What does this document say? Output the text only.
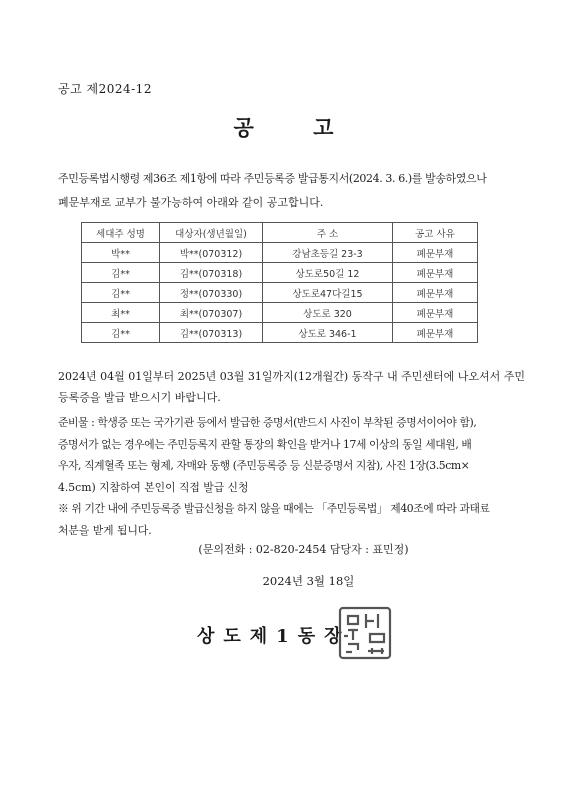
공고 제2024-12
공 고
주민등록법시행령 제36조 제1항에 따라 주민등록증 발급통지서(2024. 3. 6.)를 발송하였으나
폐문부재로 교부가 불가능하여 아래와 같이 공고합니다.
세대주 성명	대상자(생년월일)	주 소	공고 사유
박**	박**(070312)	강남초등길 23-3	폐문부재
김**	김**(070318)	상도로50길 12	폐문부재
김**	정**(070330)	상도로47다길15	폐문부재
최**	최**(070307)	상도로 320	폐문부재
김**	김**(070313)	상도로 346-1	폐문부재
2024년 04월 01일부터 2025년 03월 31일까지(12개월간) 동작구 내 주민센터에 나오셔서 주민
등록증을 발급 받으시기 바랍니다.
준비물 : 학생증 또는 국가기관 등에서 발급한 증명서(반드시 사진이 부착된 증명서이어야 함),
증명서가 없는 경우에는 주민등록지 관할 통장의 확인을 받거나 17세 이상의 동일 세대원, 배
우자, 직계혈족 또는 형제, 자매와 동행 (주민등록증 등 신분증명서 지참), 사진 1장(3.5cm×
4.5cm) 지참하여 본인이 직접 발급 신청
※ 위 기간 내에 주민등록증 발급신청을 하지 않을 때에는 「주민등록법」 제40조에 따라 과태료
처분을 받게 됩니다.
(문의전화 : 02-820-2454 담당자 : 표민정)
2024년 3월 18일
상도제1동장
